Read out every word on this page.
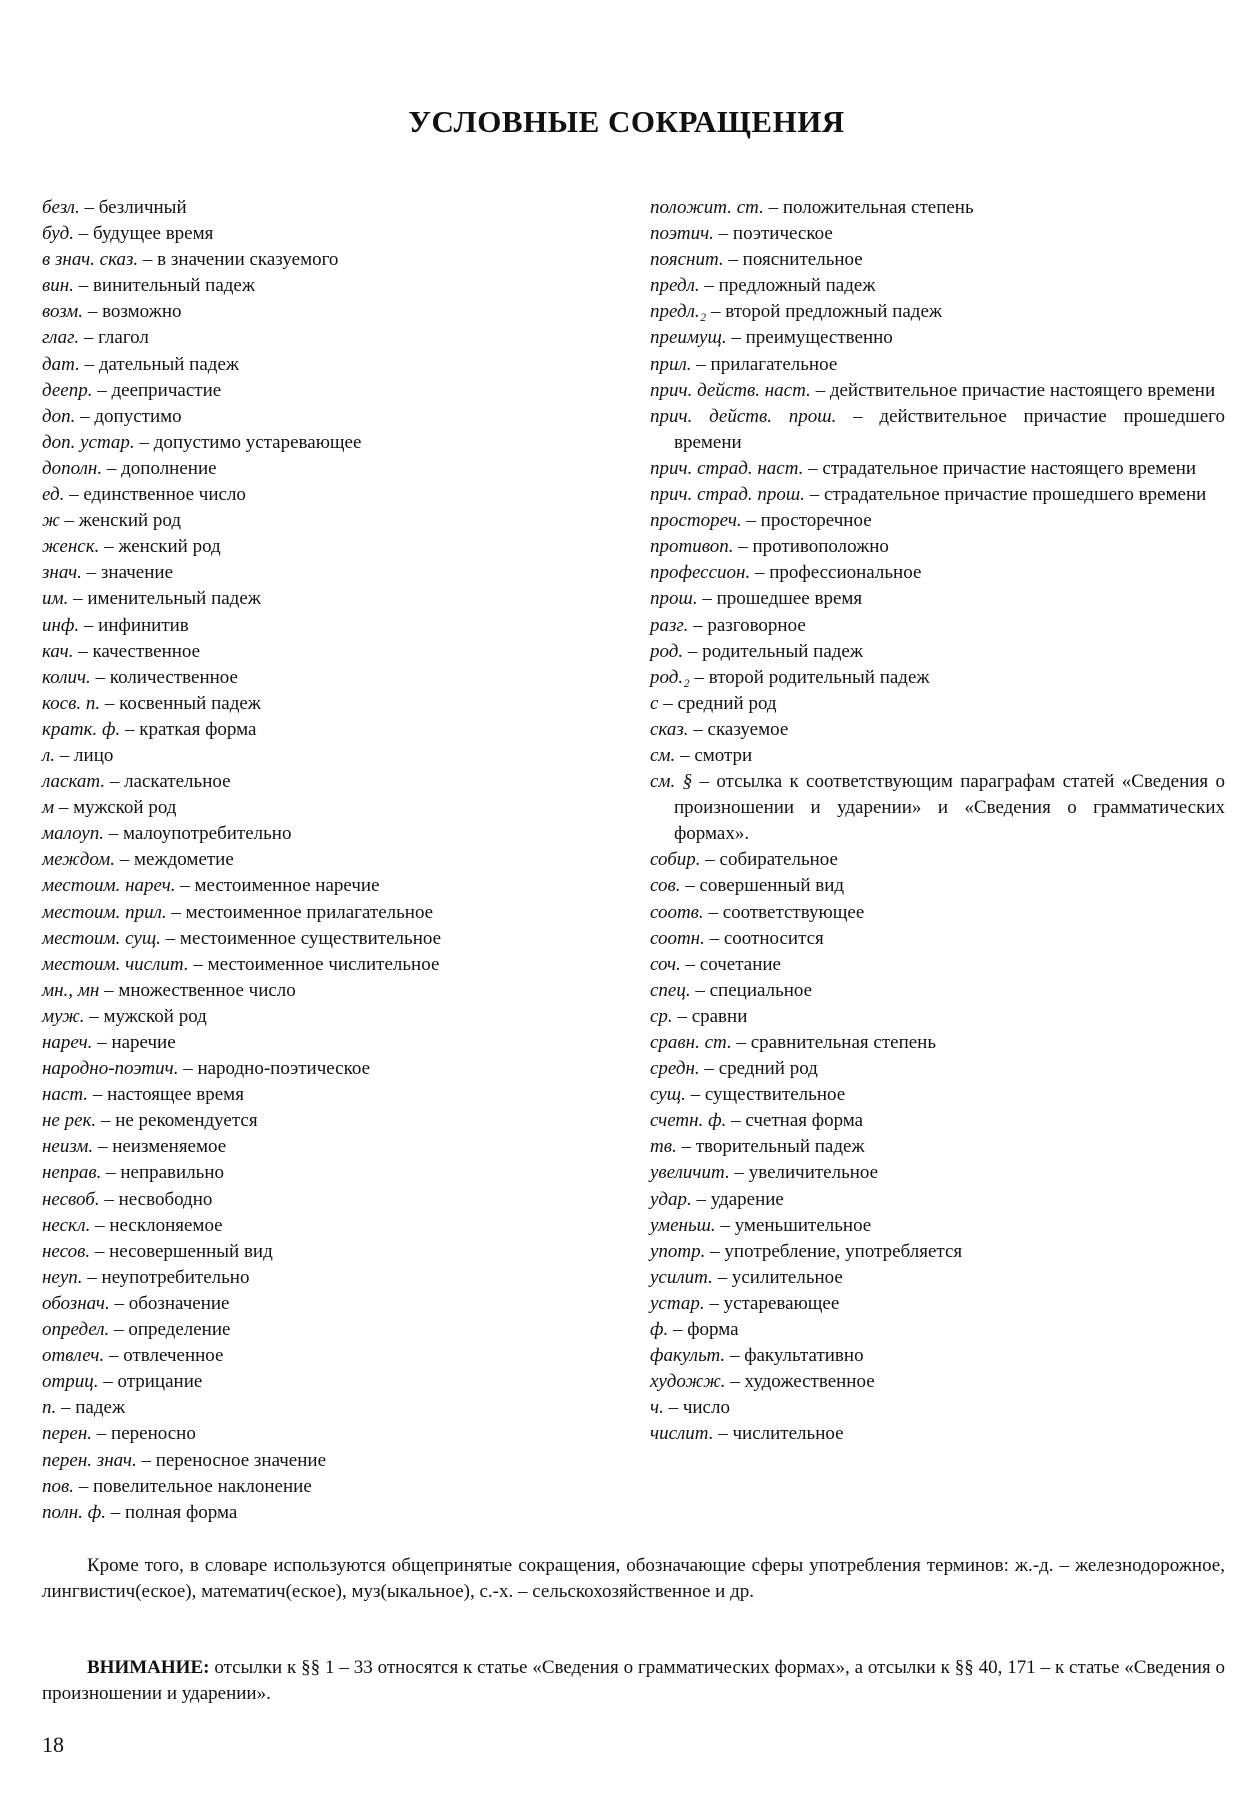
УСЛОВНЫЕ СОКРАЩЕНИЯ
безл. – безличный
буд. – будущее время
в знач. сказ. – в значении сказуемого
вин. – винительный падеж
возм. – возможно
глаг. – глагол
дат. – дательный падеж
деепр. – деепричастие
доп. – допустимо
доп. устар. – допустимо устаревающее
дополн. – дополнение
ед. – единственное число
ж – женский род
женск. – женский род
знач. – значение
им. – именительный падеж
инф. – инфинитив
кач. – качественное
колич. – количественное
косв. п. – косвенный падеж
кратк. ф. – краткая форма
л. – лицо
ласкат. – ласкательное
м – мужской род
малоуп. – малоупотребительно
междом. – междометие
местоим. нареч. – местоименное наречие
местоим. прил. – местоименное прилагательное
местоим. сущ. – местоименное существительное
местоим. числит. – местоименное числительное
мн., мн – множественное число
муж. – мужской род
нареч. – наречие
народно-поэтич. – народно-поэтическое
наст. – настоящее время
не рек. – не рекомендуется
неизм. – неизменяемое
неправ. – неправильно
несвоб. – несвободно
нескл. – несклоняемое
несов. – несовершенный вид
неуп. – неупотребительно
обознач. – обозначение
определ. – определение
отвлеч. – отвлеченное
отриц. – отрицание
п. – падеж
перен. – переносно
перен. знач. – переносное значение
пов. – повелительное наклонение
полн. ф. – полная форма
положит. ст. – положительная степень
поэтич. – поэтическое
пояснит. – пояснительное
предл. – предложный падеж
предл.₂ – второй предложный падеж
преимущ. – преимущественно
прил. – прилагательное
прич. действ. наст. – действительное причастие настоящего времени
прич. действ. прош. – действительное причастие прошедшего времени
прич. страд. наст. – страдательное причастие настоящего времени
прич. страд. прош. – страдательное причастие прошедшего времени
простореч. – просторечное
противоп. – противоположно
профессион. – профессиональное
прош. – прошедшее время
разг. – разговорное
род. – родительный падеж
род.₂ – второй родительный падеж
с – средний род
сказ. – сказуемое
см. – смотри
см. § – отсылка к соответствующим параграфам статей «Сведения о произношении и ударении» и «Сведения о грамматических формах».
собир. – собирательное
сов. – совершенный вид
соотв. – соответствующее
соотн. – соотносится
соч. – сочетание
спец. – специальное
ср. – сравни
сравн. ст. – сравнительная степень
средн. – средний род
сущ. – существительное
счетн. ф. – счетная форма
тв. – творительный падеж
увеличит. – увеличительное
удар. – ударение
уменьш. – уменьшительное
употр. – употребление, употребляется
усилит. – усилительное
устар. – устаревающее
ф. – форма
факульт. – факультативно
художж. – художественное
ч. – число
числит. – числительное
Кроме того, в словаре используются общепринятые сокращения, обозначающие сферы употребления терминов: ж.-д. – железнодорожное, лингвистич(еское), математич(еское), муз(ыкальное), с.-х. – сельскохозяйственное и др.
ВНИМАНИЕ: отсылки к §§ 1 – 33 относятся к статье «Сведения о грамматических формах», а отсылки к §§ 40, 171 – к статье «Сведения о произношении и ударении».
18
